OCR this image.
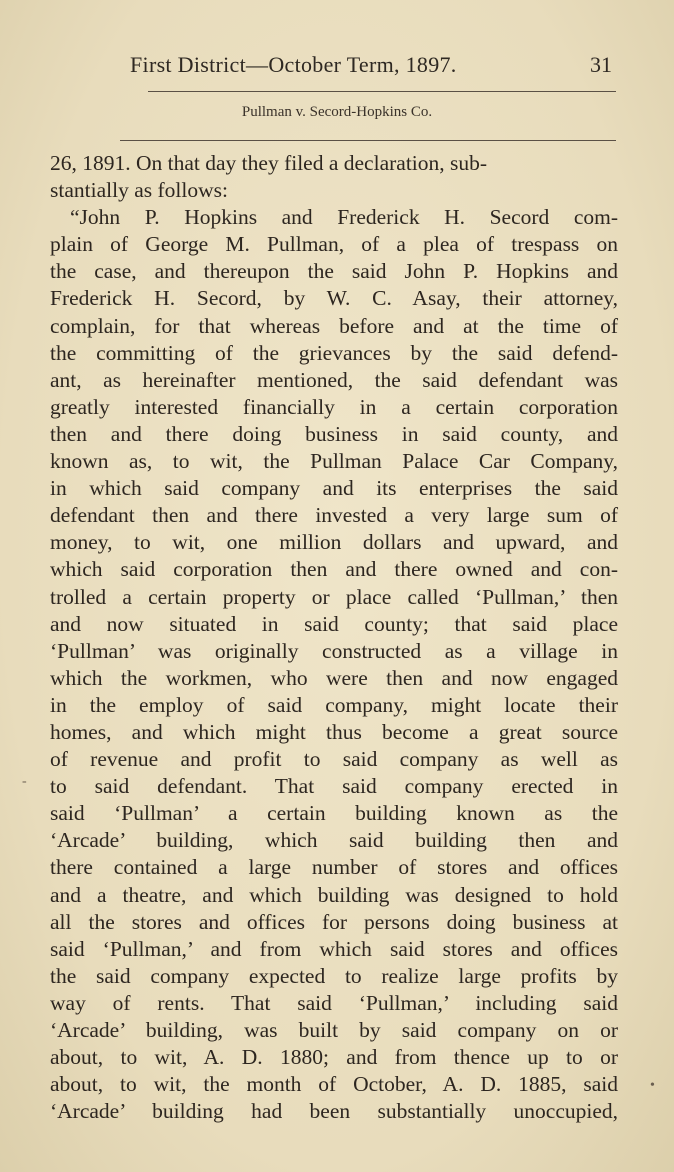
First District—October Term, 1897.	31
Pullman v. Secord-Hopkins Co.
26, 1891. On that day they filed a declaration, sub-
stantially as follows:
“John P. Hopkins and Frederick H. Secord com-
plain of George M. Pullman, of a plea of trespass on
the case, and thereupon the said John P. Hopkins and
Frederick H. Secord, by W. C. Asay, their attorney,
complain, for that whereas before and at the time of
the committing of the grievances by the said defend-
ant, as hereinafter mentioned, the said defendant was
greatly interested financially in a certain corporation
then and there doing business in said county, and
known as, to wit, the Pullman Palace Car Company,
in which said company and its enterprises the said
defendant then and there invested a very large sum of
money, to wit, one million dollars and upward, and
which said corporation then and there owned and con-
trolled a certain property or place called ‘Pullman,’ then
and now situated in said county; that said place
‘Pullman’ was originally constructed as a village in
which the workmen, who were then and now engaged
in the employ of said company, might locate their
homes, and which might thus become a great source
of revenue and profit to said company as well as
to said defendant. That said company erected in
said ‘Pullman’ a certain building known as the
‘Arcade’ building, which said building then and
there contained a large number of stores and offices
and a theatre, and which building was designed to hold
all the stores and offices for persons doing business at
said ‘Pullman,’ and from which said stores and offices
the said company expected to realize large profits by
way of rents. That said ‘Pullman,’ including said
‘Arcade’ building, was built by said company on or
about, to wit, A. D. 1880; and from thence up to or
about, to wit, the month of October, A. D. 1885, said
‘Arcade’ building had been substantially unoccupied,
-
•
